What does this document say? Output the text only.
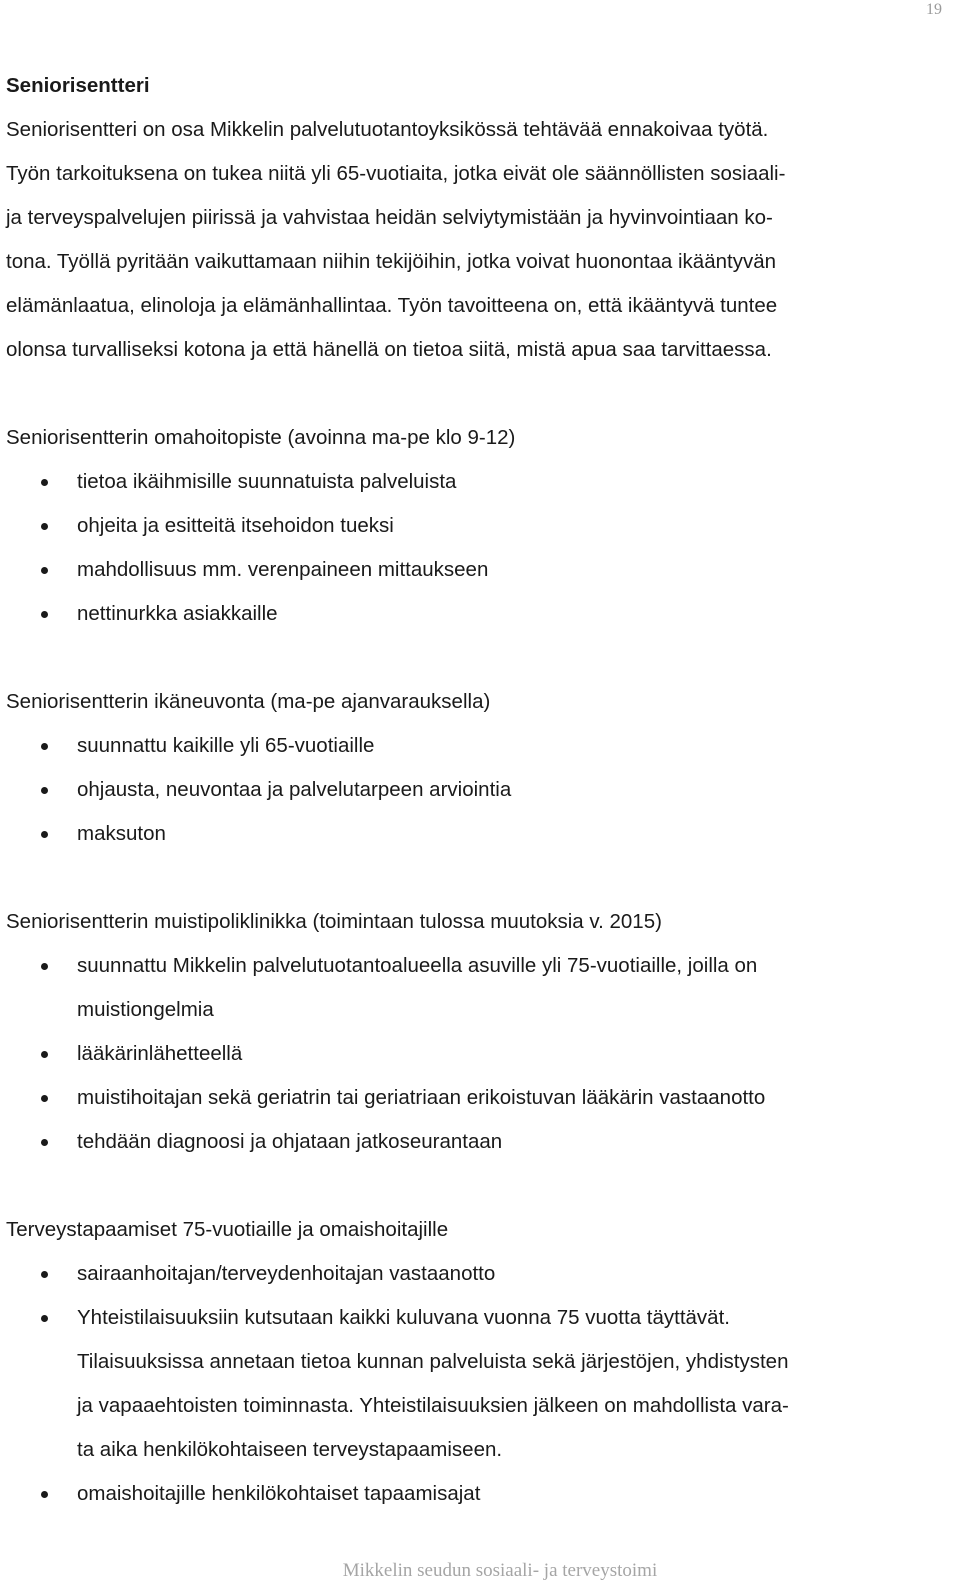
19

Seniorisentteri

Seniorisentteri on osa Mikkelin palvelutuotantoyksikössä tehtävää ennakoivaa työtä.
Työn tarkoituksena on tukea niitä yli 65-vuotiaita, jotka eivät ole säännöllisten sosiaali-
ja terveyspalvelujen piirissä ja vahvistaa heidän selviytymistään ja hyvinvointiaan ko-
tona. Työllä pyritään vaikuttamaan niihin tekijöihin, jotka voivat huonontaa ikääntyvän
elämänlaatua, elinoloja ja elämänhallintaa. Työn tavoitteena on, että ikääntyvä tuntee
olonsa turvalliseksi kotona ja että hänellä on tietoa siitä, mistä apua saa tarvittaessa.
Seniorisentterin omahoitopiste (avoinna ma-pe klo 9-12)
tietoa ikäihmisille suunnatuista palveluista
ohjeita ja esitteitä itsehoidon tueksi
mahdollisuus mm. verenpaineen mittaukseen
nettinurkka asiakkaille
Seniorisentterin ikäneuvonta (ma-pe ajanvarauksella)
suunnattu kaikille yli 65-vuotiaille
ohjausta, neuvontaa ja palvelutarpeen arviointia
maksuton
Seniorisentterin muistipoliklinikka (toimintaan tulossa muutoksia v. 2015)
suunnattu Mikkelin palvelutuotantoalueella asuville yli 75-vuotiaille, joilla on
muistiongelmia
lääkärinlähetteellä
muistihoitajan sekä geriatrin tai geriatriaan erikoistuvan lääkärin vastaanotto
tehdään diagnoosi ja ohjataan jatkoseurantaan
Terveystapaamiset 75-vuotiaille ja omaishoitajille
sairaanhoitajan/terveydenhoitajan vastaanotto
Yhteistilaisuuksiin kutsutaan kaikki kuluvana vuonna 75 vuotta täyttävät.
Tilaisuuksissa annetaan tietoa kunnan palveluista sekä järjestöjen, yhdistysten
ja vapaaehtoisten toiminnasta. Yhteistilaisuuksien jälkeen on mahdollista vara-
ta aika henkilökohtaiseen terveystapaamiseen.
omaishoitajille henkilökohtaiset tapaamisajat
Mikkelin seudun sosiaali- ja terveystoimi
